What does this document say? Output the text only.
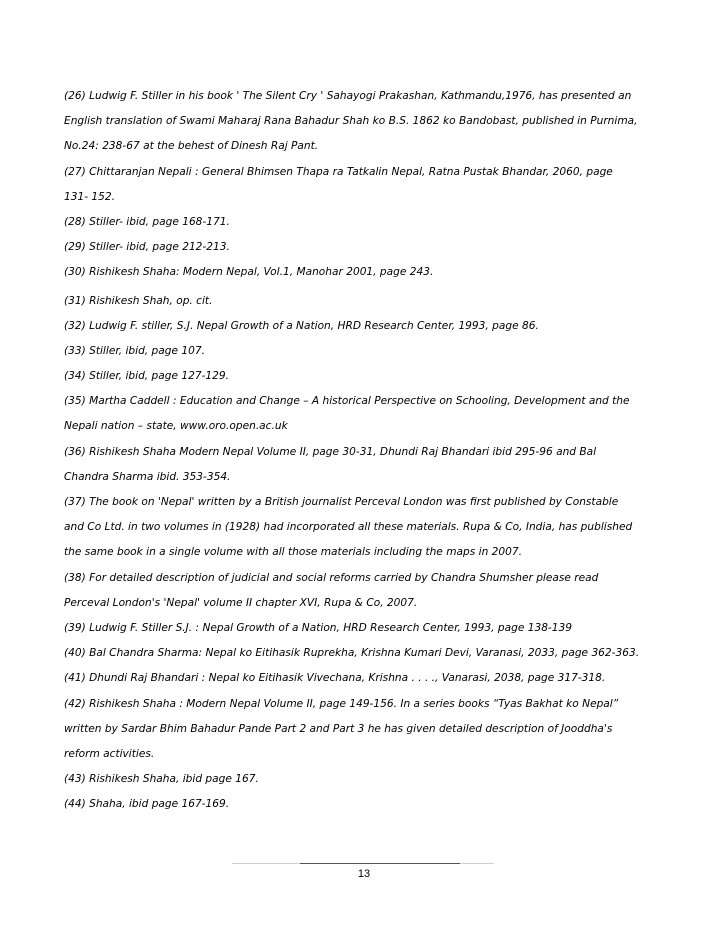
(26) Ludwig F. Stiller in his book ' The Silent Cry ' Sahayogi Prakashan, Kathmandu,1976, has presented an
English translation of Swami Maharaj Rana Bahadur Shah ko B.S. 1862 ko Bandobast, published in Purnima,
No.24: 238-67 at the behest of Dinesh Raj Pant.
(27) Chittaranjan Nepali : General Bhimsen Thapa ra Tatkalin Nepal, Ratna Pustak Bhandar, 2060, page
131- 152.
(28) Stiller- ibid, page 168-171.
(29) Stiller- ibid, page 212-213.
(30) Rishikesh Shaha: Modern Nepal, Vol.1, Manohar 2001, page 243.
(31) Rishikesh Shah, op. cit.
(32) Ludwig F. stiller, S.J. Nepal Growth of a Nation, HRD Research Center, 1993, page 86.
(33) Stiller, ibid, page 107.
(34) Stiller, ibid, page 127-129.
(35) Martha Caddell : Education and Change – A historical Perspective on Schooling, Development and the
Nepali nation – state, www.oro.open.ac.uk
(36) Rishikesh Shaha Modern Nepal Volume II, page 30-31, Dhundi Raj Bhandari ibid 295-96 and Bal
Chandra Sharma ibid. 353-354.
(37) The book on 'Nepal' written by a British journalist Perceval London was first published by Constable
and Co Ltd. in two volumes in (1928) had incorporated all these materials. Rupa & Co, India, has published
the same book in a single volume with all those materials including the maps in 2007.
(38) For detailed description of judicial and social reforms carried by Chandra Shumsher please read
Perceval London's 'Nepal' volume II chapter XVI, Rupa & Co, 2007.
(39) Ludwig F. Stiller S.J. : Nepal Growth of a Nation, HRD Research Center, 1993, page 138-139
(40) Bal Chandra Sharma: Nepal ko Eitihasik Ruprekha, Krishna Kumari Devi, Varanasi, 2033, page 362-363.
(41) Dhundi Raj Bhandari : Nepal ko Eitihasik Vivechana, Krishna . . . ., Vanarasi, 2038, page 317-318.
(42) Rishikesh Shaha : Modern Nepal Volume II, page 149-156. In a series books “Tyas Bakhat ko Nepal”
written by Sardar Bhim Bahadur Pande Part 2 and Part 3 he has given detailed description of Jooddha's
reform activities.
(43) Rishikesh Shaha, ibid page 167.
(44) Shaha, ibid page 167-169.
13
